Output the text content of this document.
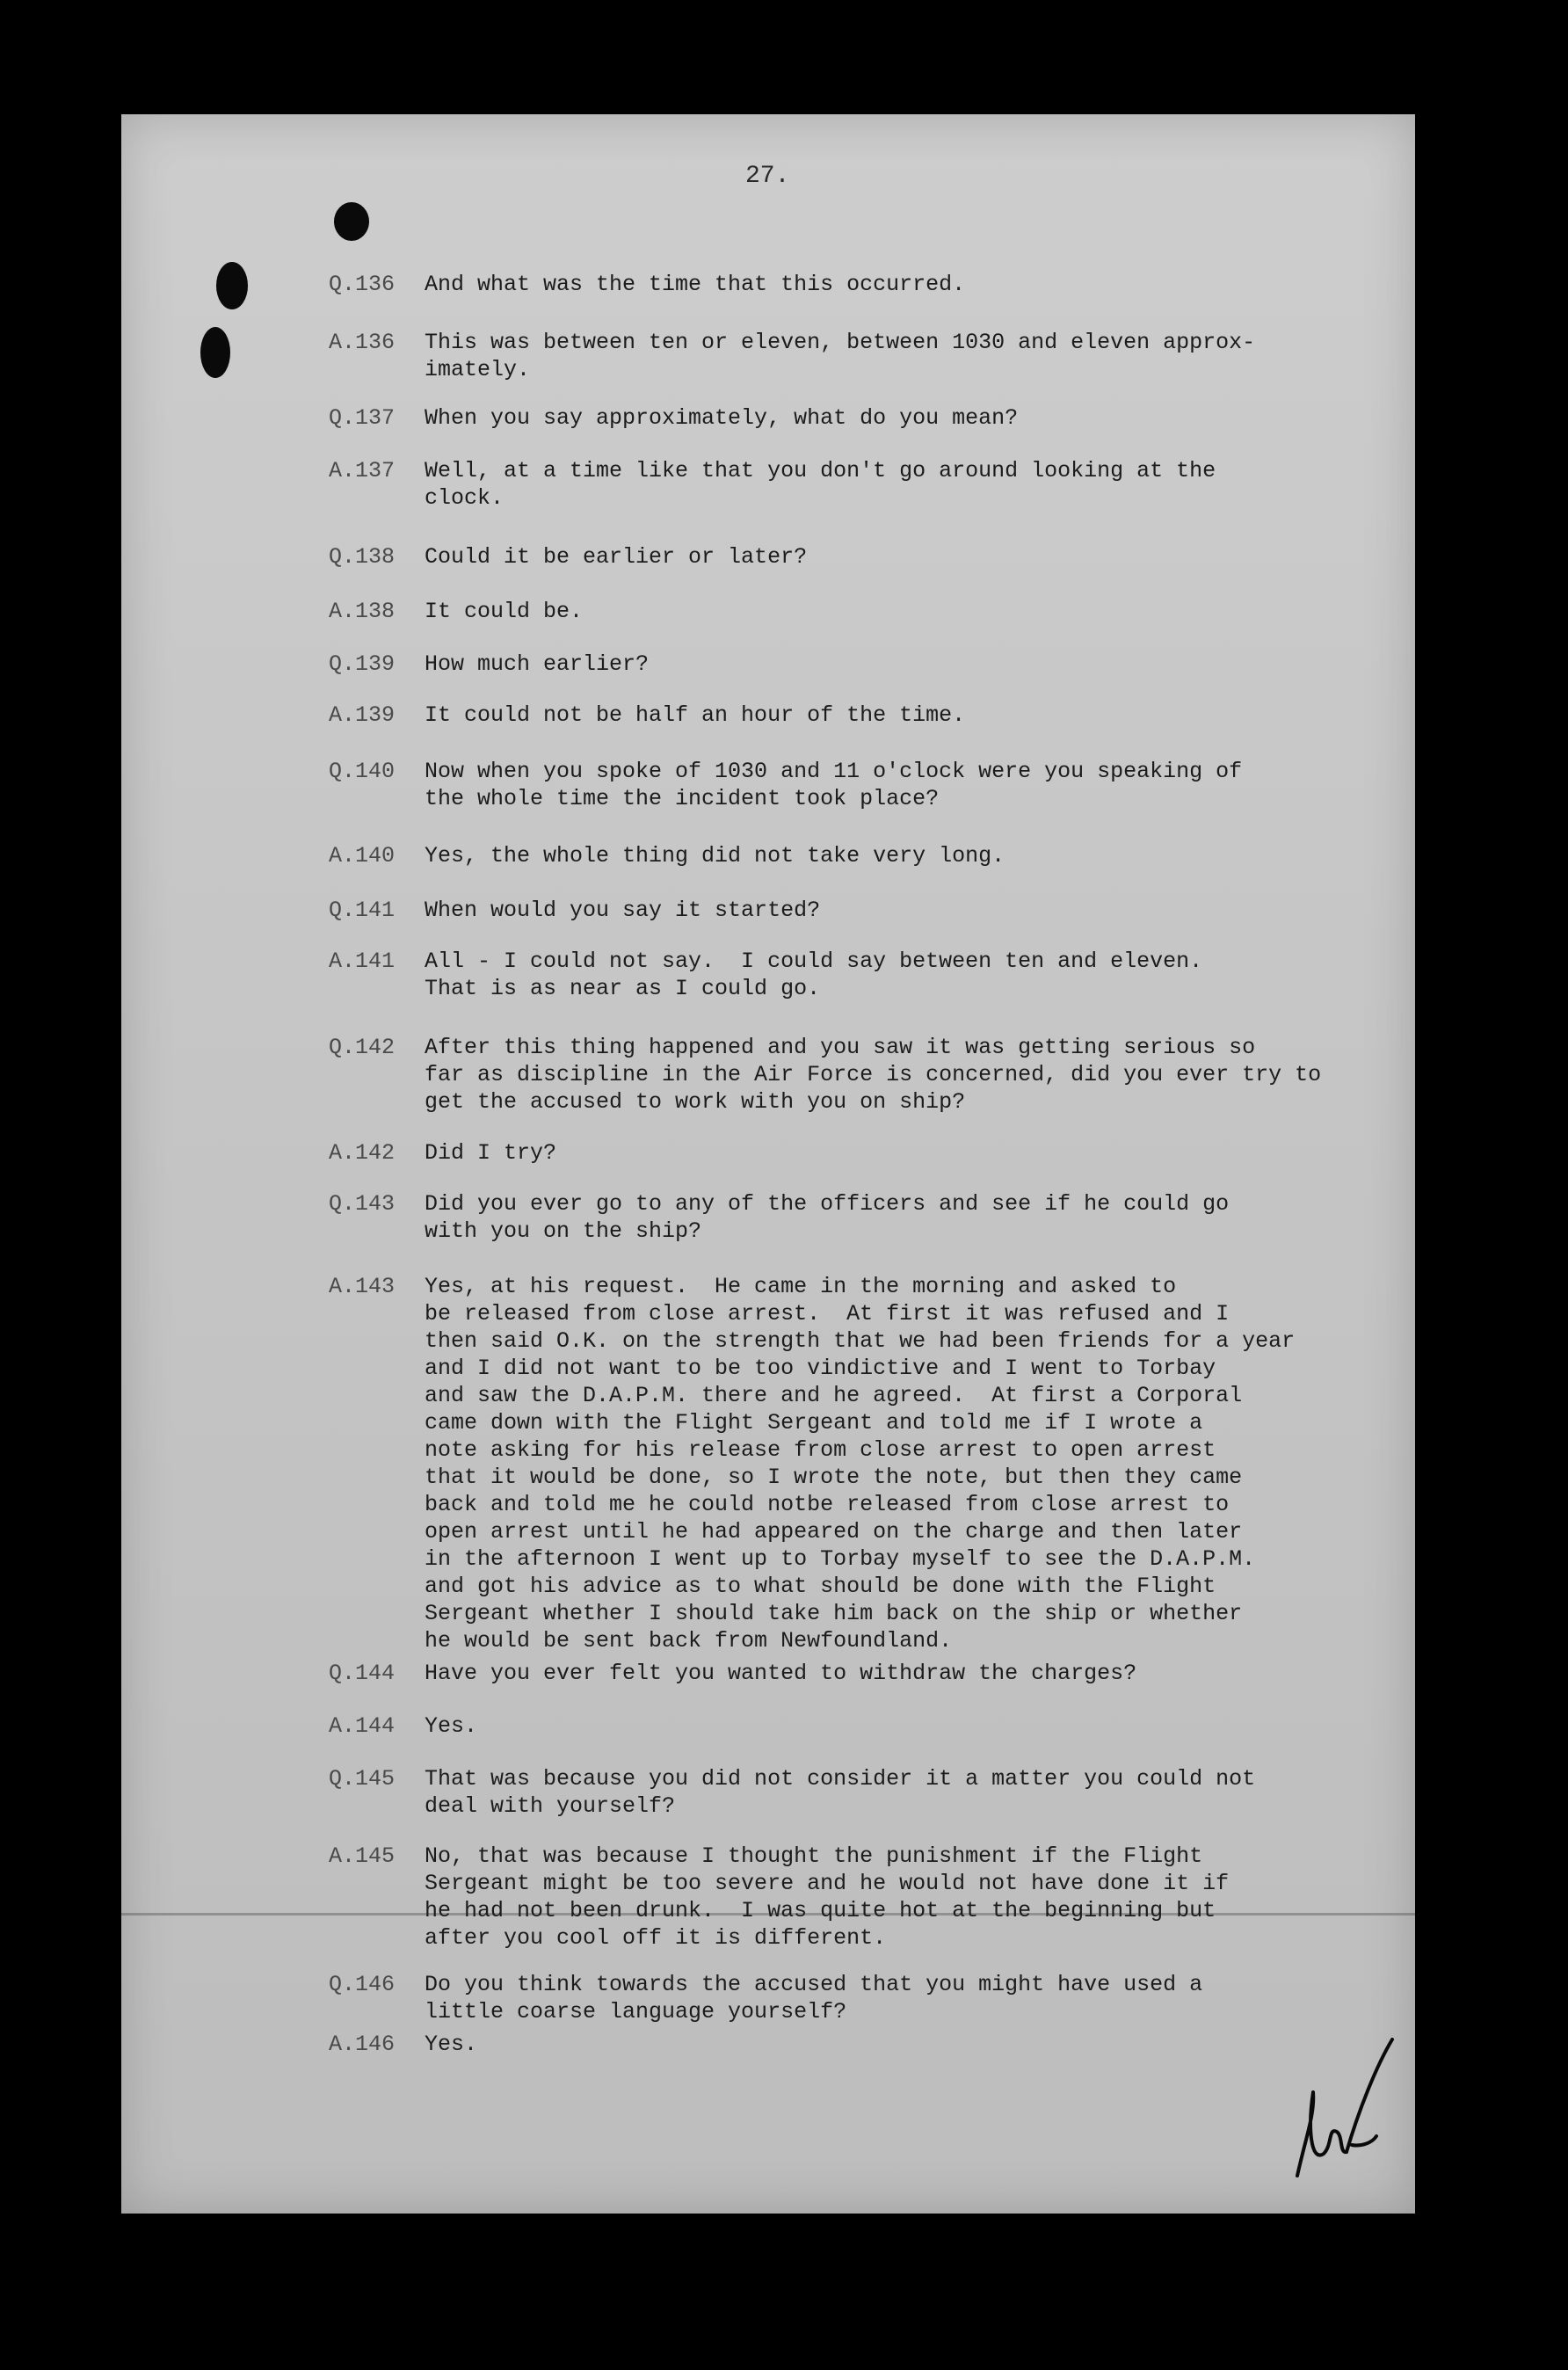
27.
Q.136 And what was the time that this occurred.
A.136 This was between ten or eleven, between 1030 and eleven approx-
imately.
Q.137 When you say approximately, what do you mean?
A.137 Well, at a time like that you don't go around looking at the
clock.
Q.138 Could it be earlier or later?
A.138 It could be.
Q.139 How much earlier?
A.139 It could not be half an hour of the time.
Q.140 Now when you spoke of 1030 and 11 o'clock were you speaking of
the whole time the incident took place?
A.140 Yes, the whole thing did not take very long.
Q.141 When would you say it started?
A.141 All - I could not say.  I could say between ten and eleven.
That is as near as I could go.
Q.142 After this thing happened and you saw it was getting serious so
far as discipline in the Air Force is concerned, did you ever try to
get the accused to work with you on ship?
A.142 Did I try?
Q.143 Did you ever go to any of the officers and see if he could go
with you on the ship?
A.143 Yes, at his request.  He came in the morning and asked to
be released from close arrest.  At first it was refused and I
then said O.K. on the strength that we had been friends for a year
and I did not want to be too vindictive and I went to Torbay
and saw the D.A.P.M. there and he agreed.  At first a Corporal
came down with the Flight Sergeant and told me if I wrote a
note asking for his release from close arrest to open arrest
that it would be done, so I wrote the note, but then they came
back and told me he could notbe released from close arrest to
open arrest until he had appeared on the charge and then later
in the afternoon I went up to Torbay myself to see the D.A.P.M.
and got his advice as to what should be done with the Flight
Sergeant whether I should take him back on the ship or whether
he would be sent back from Newfoundland.
Q.144 Have you ever felt you wanted to withdraw the charges?
A.144 Yes.
Q.145 That was because you did not consider it a matter you could not
deal with yourself?
A.145 No, that was because I thought the punishment if the Flight
Sergeant might be too severe and he would not have done it if
he had not been drunk.  I was quite hot at the beginning but
after you cool off it is different.
Q.146 Do you think towards the accused that you might have used a
little coarse language yourself?
A.146 Yes.
